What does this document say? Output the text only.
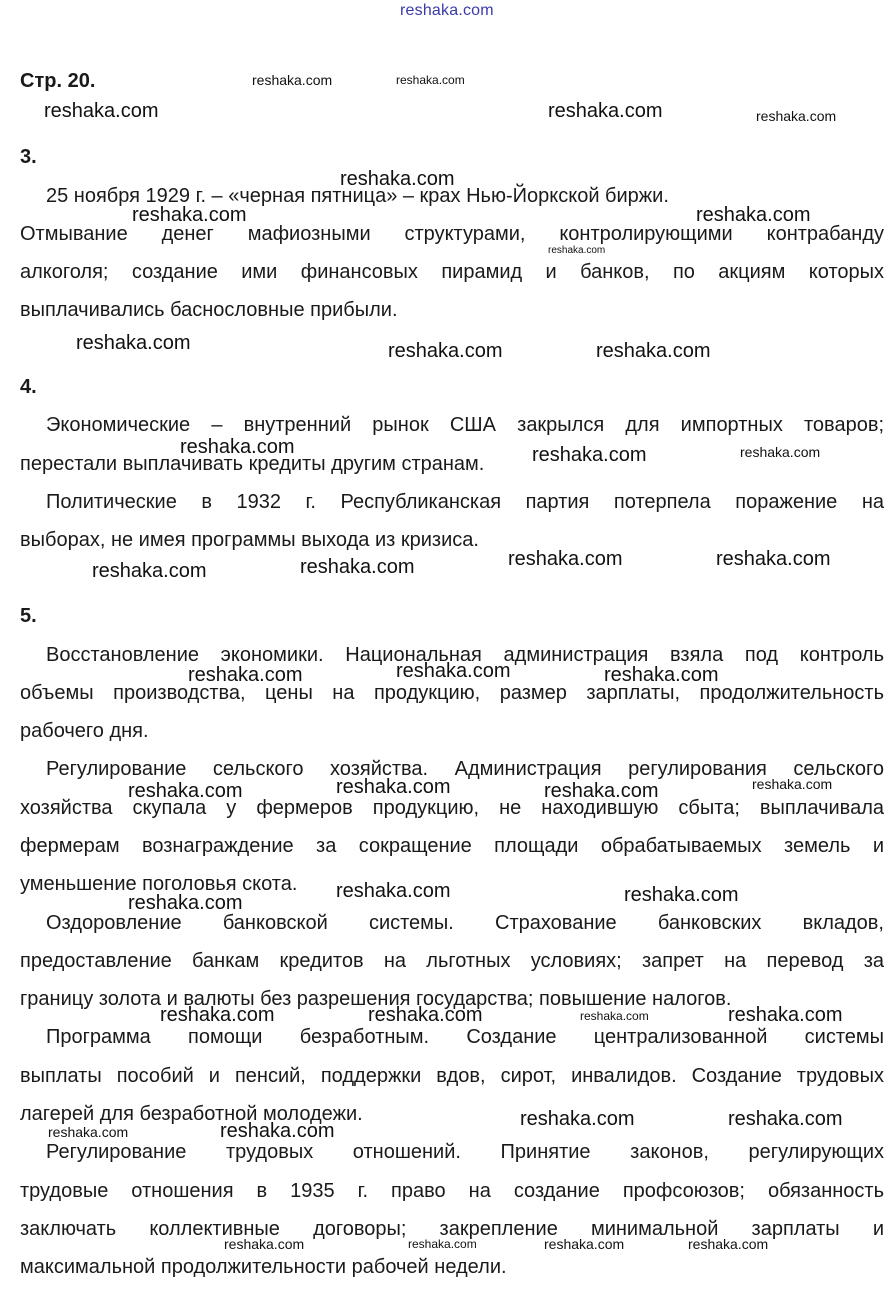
reshaka.com
Стр. 20.
3.
25 ноября 1929 г. – «черная пятница» – крах Нью-Йоркской биржи.
Отмывание денег мафиозными структурами, контролирующими контрабанду
алкоголя; создание ими финансовых пирамид и банков, по акциям которых
выплачивались баснословные прибыли.
4.
Экономические – внутренний рынок США закрылся для импортных товаров;
перестали выплачивать кредиты другим странам.
Политические в 1932 г. Республиканская партия потерпела поражение на
выборах, не имея программы выхода из кризиса.
5.
Восстановление экономики. Национальная администрация взяла под контроль
объемы производства, цены на продукцию, размер зарплаты, продолжительность
рабочего дня.
Регулирование сельского хозяйства. Администрация регулирования сельского
хозяйства скупала у фермеров продукцию, не находившую сбыта; выплачивала
фермерам вознаграждение за сокращение площади обрабатываемых земель и
уменьшение поголовья скота.
Оздоровление банковской системы. Страхование банковских вкладов,
предоставление банкам кредитов на льготных условиях; запрет на перевод за
границу золота и валюты без разрешения государства; повышение налогов.
Программа помощи безработным. Создание централизованной системы
выплаты пособий и пенсий, поддержки вдов, сирот, инвалидов. Создание трудовых
лагерей для безработной молодежи.
Регулирование трудовых отношений. Принятие законов, регулирующих
трудовые отношения в 1935 г. право на создание профсоюзов; обязанность
заключать коллективные договоры; закрепление минимальной зарплаты и
максимальной продолжительности рабочей недели.
reshaka.com	reshaka.com
reshaka.com	reshaka.com	reshaka.com
reshaka.com
reshaka.com	reshaka.com
reshaka.com
reshaka.com	reshaka.com	reshaka.com
reshaka.com	reshaka.com	reshaka.com
reshaka.com	reshaka.com
reshaka.com	reshaka.com
reshaka.com
reshaka.com	reshaka.com
reshaka.com
reshaka.com	reshaka.com	reshaka.com
reshaka.com	reshaka.com
reshaka.com
reshaka.com	reshaka.com	reshaka.com	reshaka.com
reshaka.com	reshaka.com
reshaka.com	reshaka.com
reshaka.com	reshaka.com	reshaka.com	reshaka.com
